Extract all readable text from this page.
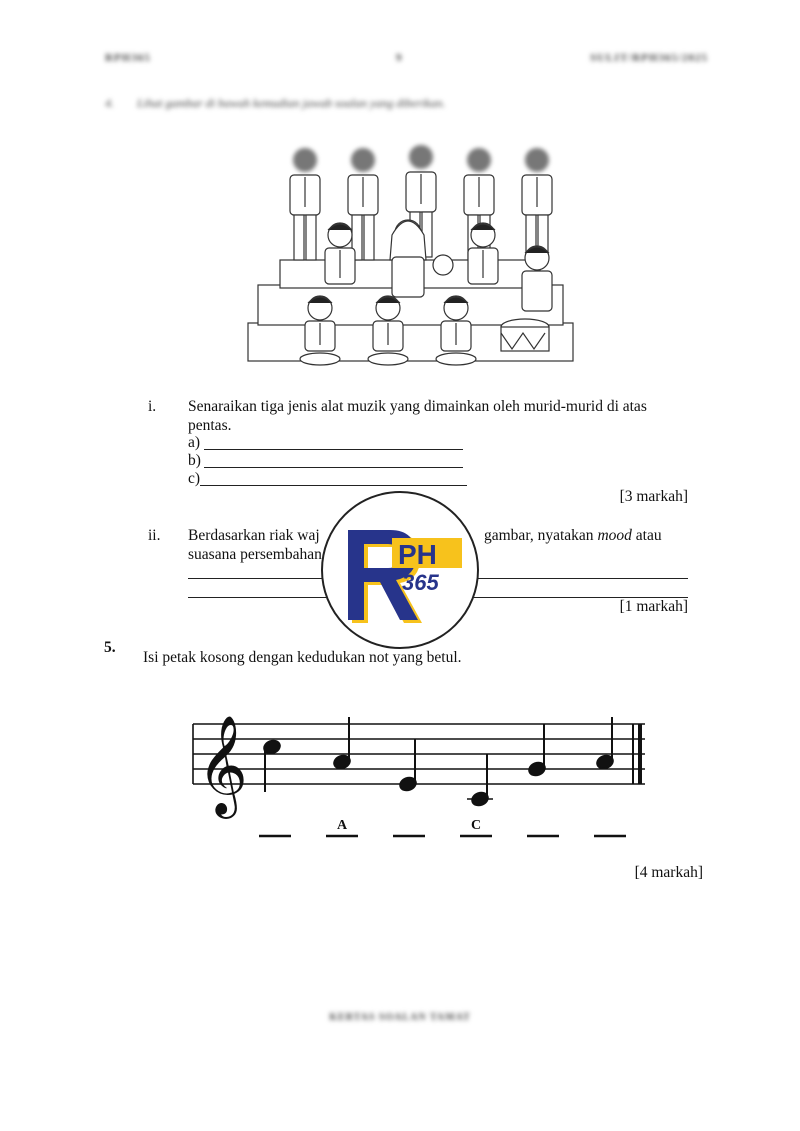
RPH365	9	SULIT/RPH365/2025
4. Lihat gambar di bawah kemudian jawab soalan yang diberikan.
i. Senaraikan tiga jenis alat muzik yang dimainkan oleh murid-murid di atas
pentas.
a)
b)
c)
[3 markah]
ii. Berdasarkan riak waj	gambar, nyatakan mood atau
suasana persembahan
[1 markah]
PH
365
5.
Isi petak kosong dengan kedudukan not yang betul.
𝄞
A	C
[4 markah]
KERTAS SOALAN TAMAT
